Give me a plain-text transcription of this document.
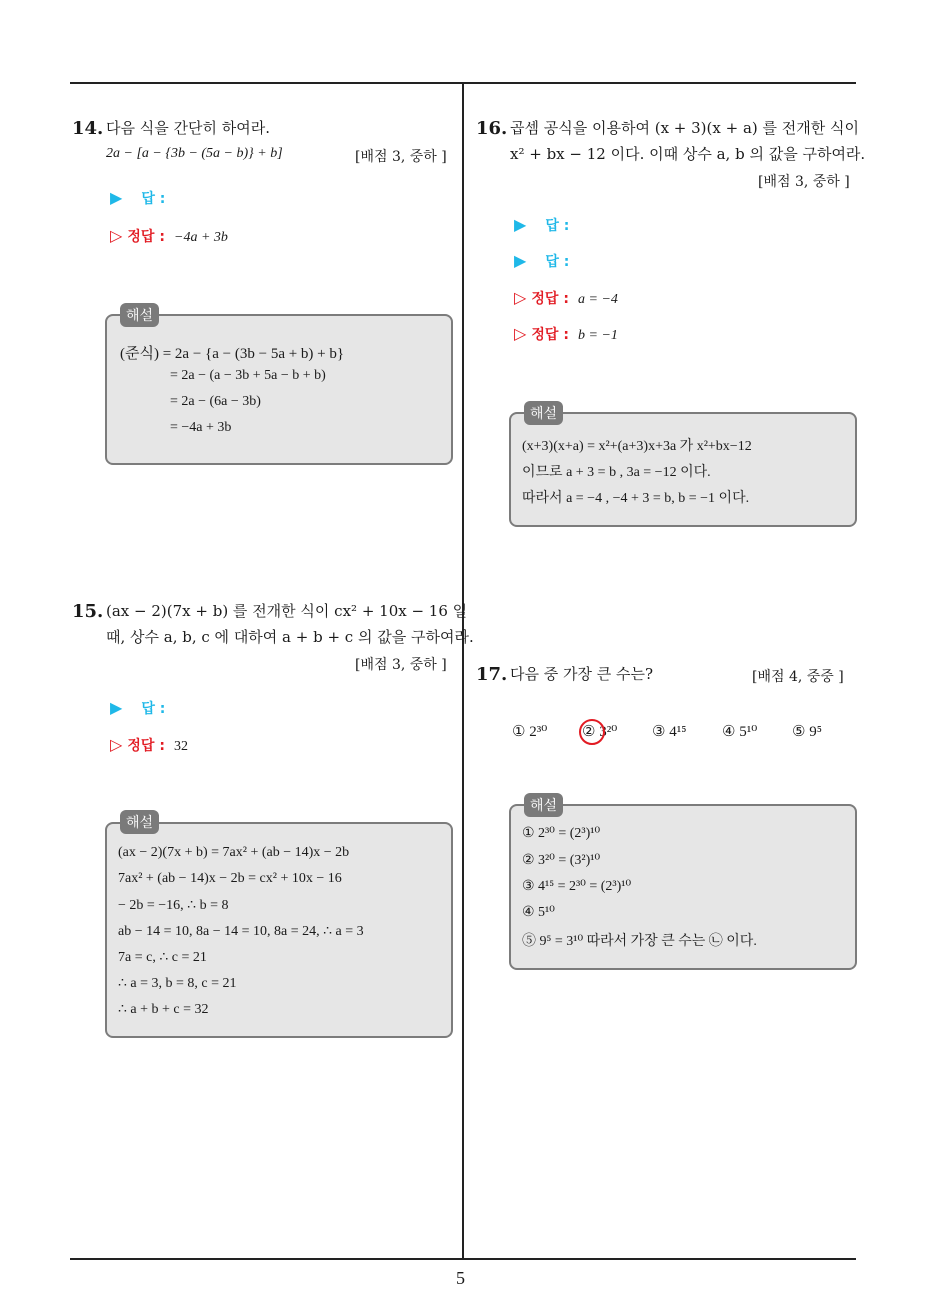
14. 다음 식을 간단히 하여라.
2a − [a − {3b − (5a − b)} + b]	[배점 3, 중하 ]
▶ 답 :
▷ 정답 : −4a + 3b
해설
(준식) = 2a − {a − (3b − 5a + b) + b}
= 2a − (a − 3b + 5a − b + b)
= 2a − (6a − 3b)
= −4a + 3b
15. (ax − 2)(7x + b) 를 전개한 식이 cx² + 10x − 16 일
때, 상수 a, b, c 에 대하여 a + b + c 의 값을 구하여라.
[배점 3, 중하 ]
▶ 답 :
▷ 정답 : 32
해설
(ax − 2)(7x + b) = 7ax² + (ab − 14)x − 2b
7ax² + (ab − 14)x − 2b = cx² + 10x − 16
− 2b = −16, ∴ b = 8
ab − 14 = 10, 8a − 14 = 10, 8a = 24, ∴ a = 3
7a = c, ∴ c = 21
∴ a = 3, b = 8, c = 21
∴ a + b + c = 32
16. 곱셈 공식을 이용하여 (x + 3)(x + a) 를 전개한 식이
x² + bx − 12 이다. 이때 상수 a, b 의 값을 구하여라.
[배점 3, 중하 ]
▶ 답 :
▶ 답 :
▷ 정답 : a = −4
▷ 정답 : b = −1
해설
(x+3)(x+a) = x²+(a+3)x+3a 가 x²+bx−12
이므로 a + 3 = b , 3a = −12 이다.
따라서 a = −4 , −4 + 3 = b, b = −1 이다.
17. 다음 중 가장 큰 수는?	[배점 4, 중중 ]
① 2³⁰ ② 3²⁰ ③ 4¹⁵ ④ 5¹⁰ ⑤ 9⁵
해설
① 2³⁰ = (2³)¹⁰
② 3²⁰ = (3²)¹⁰
③ 4¹⁵ = 2³⁰ = (2³)¹⁰
④ 5¹⁰
⑤ 9⁵ = 3¹⁰ 따라서 가장 큰 수는 ㉡ 이다.
5
